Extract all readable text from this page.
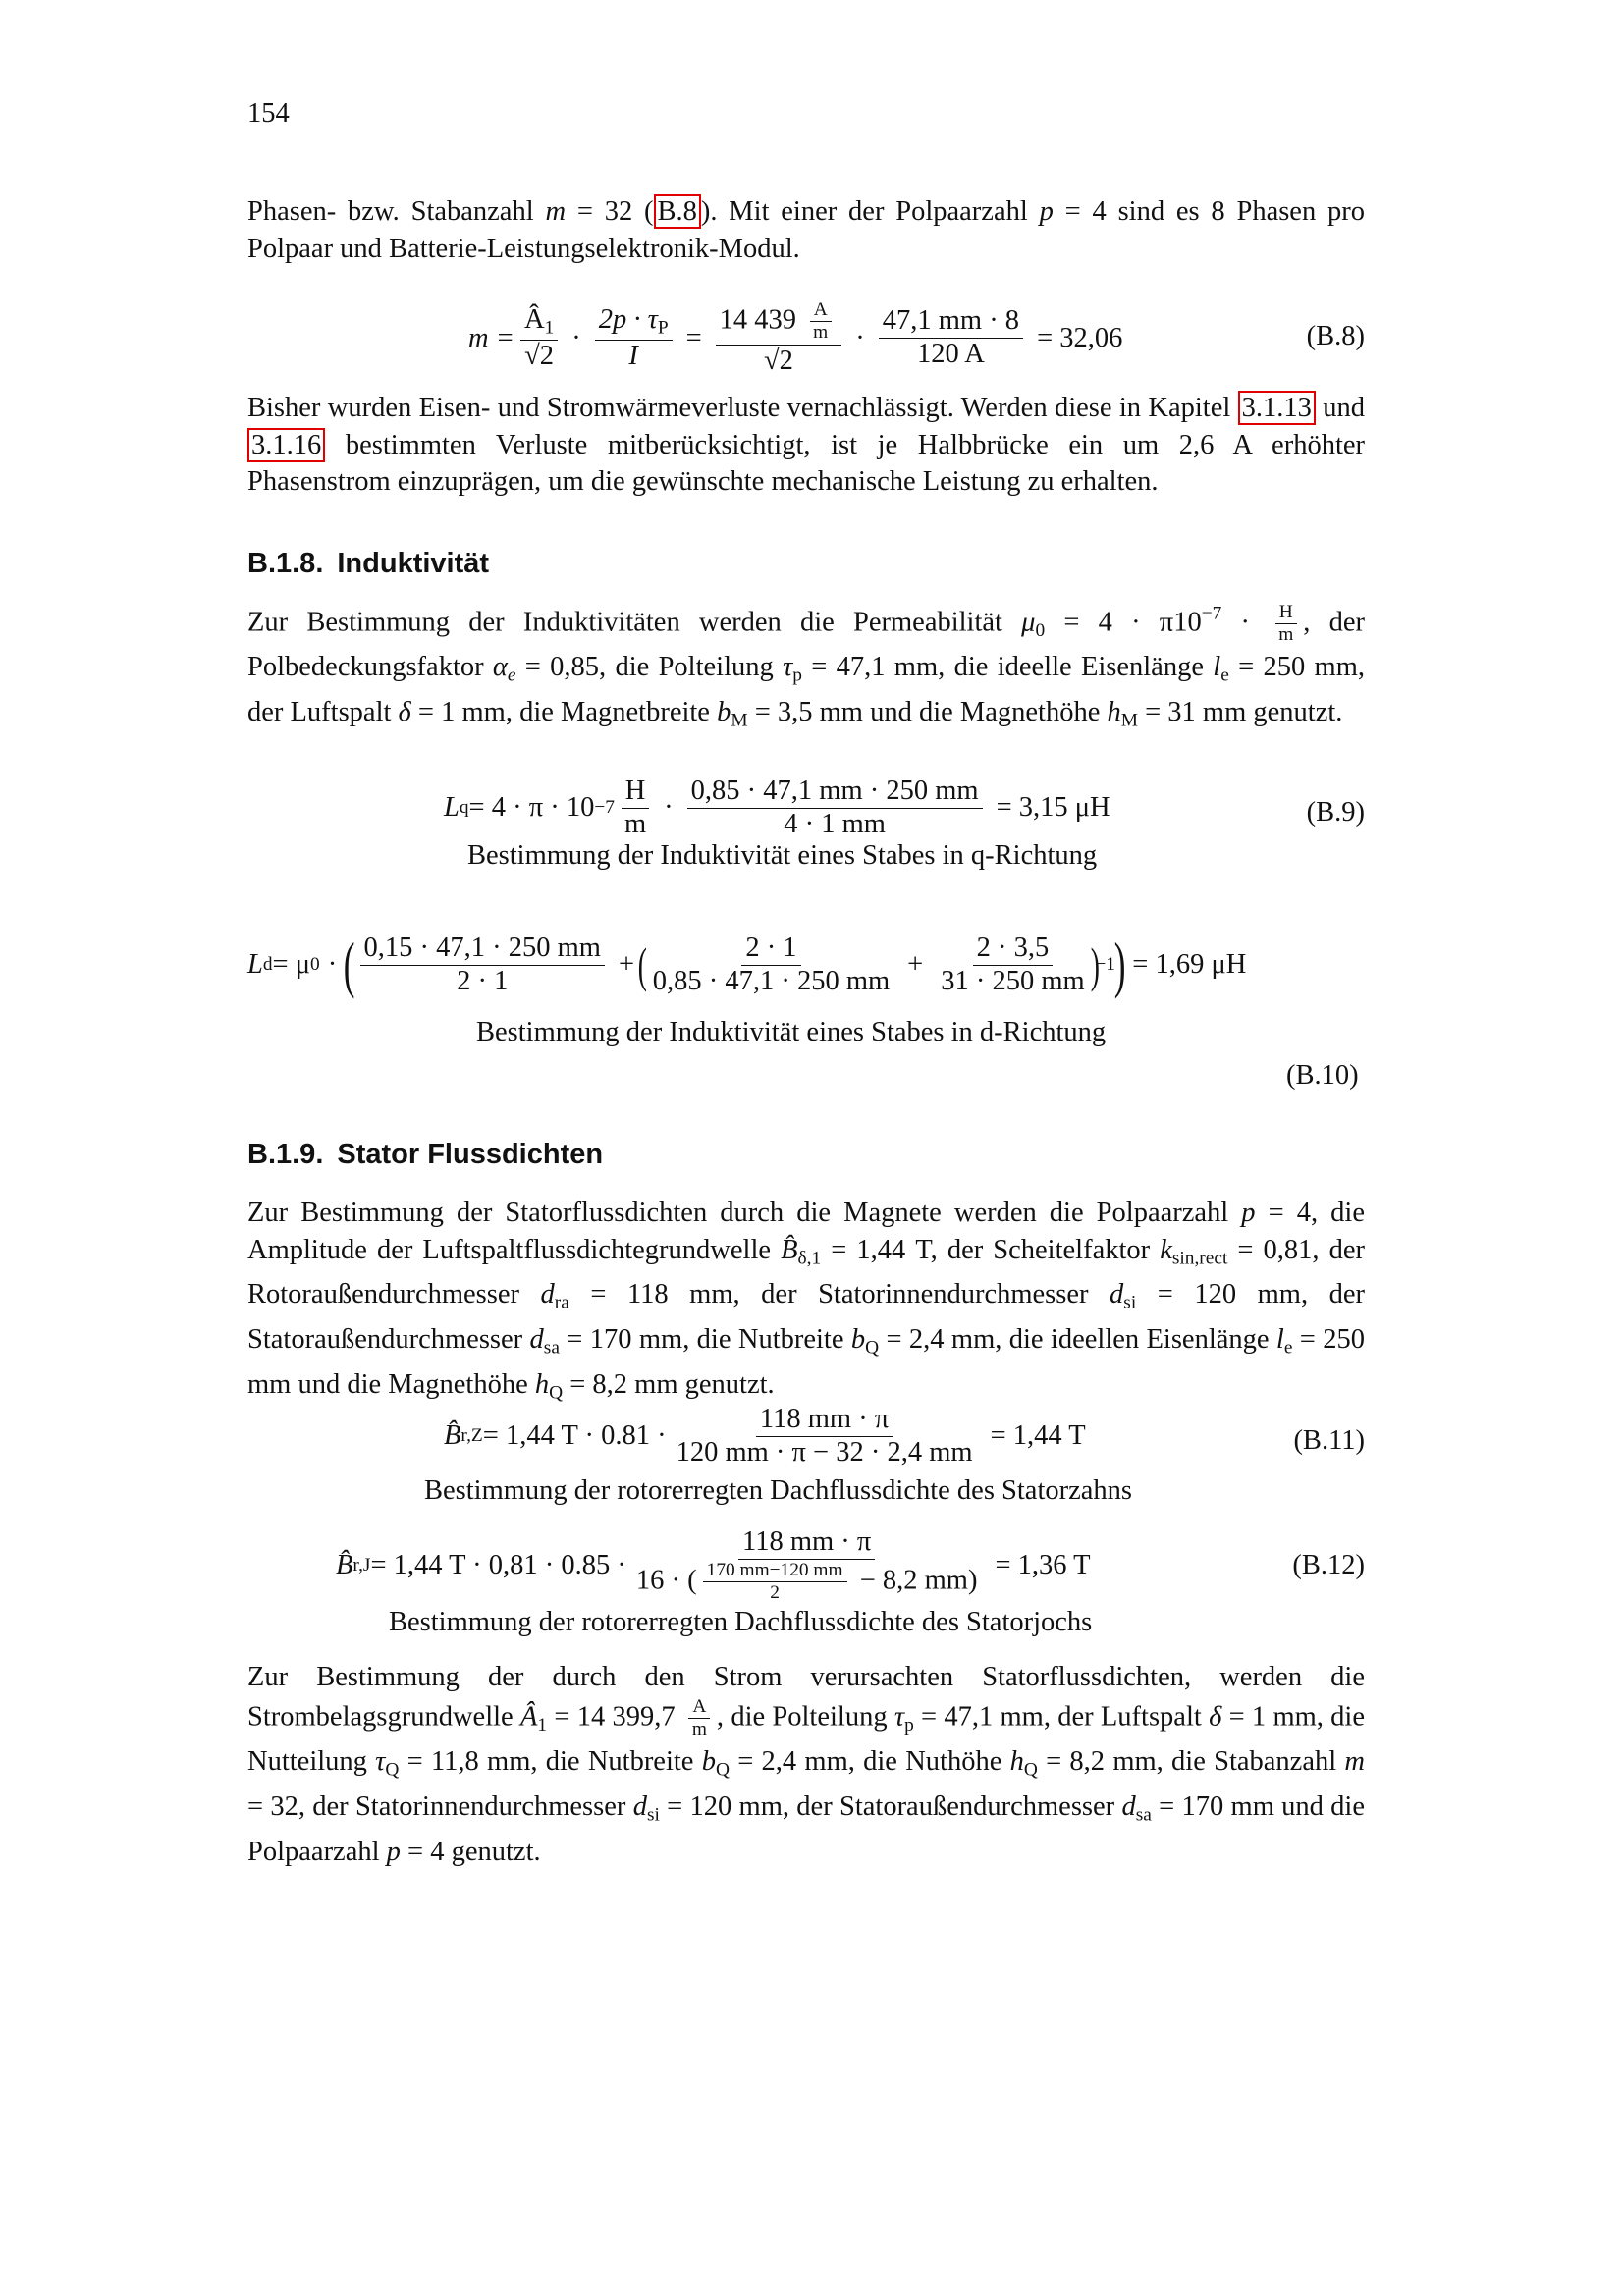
154

Phasen- bzw. Stabanzahl m = 32 ( B.8 ). Mit einer der Polpaarzahl p = 4 sind es 8 Phasen pro Polpaar und Batterie-Leistungselektronik-Modul.

$m = \frac{Â_1}{√2} \cdot \frac{2p \cdot \tau_P}{I} = \frac{14 439 \frac{A}{m}}{√2} \cdot \frac{47,1 mm \cdot 8}{120 A} = 32,06$	(B.8)

Bisher wurden Eisen- und Stromwärmeverluste vernachlässigt. Werden diese in Kapitel 3.1.13 und 3.1.16 bestimmten Verluste mitberücksichtigt, ist je Halbbrücke ein um 2,6 A erhöhter Phasenstrom einzuprägen, um die gewünschte mechanische Leistung zu erhalten.

B.1.8. Induktivität

Zur Bestimmung der Induktivitäten werden die Permeabilität $\mu_0 = 4 \cdot \pi 10^{-7} \cdot \frac{H}{m}$ , der Polbedeckungsfaktor $\alpha_e = 0,85$, die Polteilung $\tau_p = 47,1$ mm, die ideelle Eisenlänge $l_e = 250$ mm, der Luftspalt δ = 1 mm, die Magnetbreite $b_M = 3,5$ mm und die Magnethöhe $h_M = 31$ mm genutzt.

L $q = 4 \cdot \pi \cdot 10 -7 \frac{H}{m} \cdot \frac{0,85 \cdot 47,1 mm \cdot 250 mm}{4 \cdot 1 mm} = 3,15$ μH	(B.9)
Bestimmung der Induktivität eines Stabes in q-Richtung
L d = μ 0 · ( $\frac{0,15 \cdot 47,1 \cdot 250 mm}{2 \cdot 1}$ + ( $\frac{2 \cdot 1}{0,85 \cdot 47,1 \cdot 250 mm} + \frac{2 \cdot 3,5}{31 \cdot 250 mm}$ )
−1
) = 1,69 μH
Bestimmung der Induktivität eines Stabes in d-Richtung
(B.10)
B.1.9. Stator Flussdichten

Zur Bestimmung der Statorflussdichten durch die Magnete werden die Polpaarzahl p = 4, die Amplitude der Luftspaltflussdichtegrundwelle $B̂_{\delta,1} = 1,44$ T, der Scheitelfaktor $k_{sin,rect} = 0,81$, der Rotoraußendurchmesser $d_{ra} = 118$ mm, der Statorinnendurchmesser $d_{si} = 120$ mm, der Statoraußendurchmesser $d_{sa} = 170$ mm, die Nutbreite $b_Q = 2,4$ mm, die ideellen Eisenlänge $l_e = 250$ mm und die Magnethöhe $h_Q = 8,2$ mm genutzt.

B̂ r,Z = 1,44 $T \cdot 0.81 \cdot \frac{118 mm \cdot \pi}{120 mm \cdot \pi - 32 \cdot 2,4 mm} = 1,44$ T	(B.11)
Bestimmung der rotorerregten Dachflussdichte des Statorzahns
B̂ r,J = 1,44 $T \cdot 0,81 \cdot 0.85 \cdot \frac{118 mm \cdot \pi}{16 \cdot ( \frac{170 mm-120 mm}{2} - 8,2 mm)} = 1,36$ T	(B.12)
Bestimmung der rotorerregten Dachflussdichte des Statorjochs

Zur Bestimmung der durch den Strom verursachten Statorflussdichten, werden die Strombelagsgrundwelle $Â_1 = 14$ $399,7 \frac{A}{m}$ , die Polteilung $\tau_p = 47,1$ mm, der Luftspalt δ = 1 mm, die Nutteilung $\tau_Q = 11,8$ mm, die Nutbreite $b_Q = 2,4$ mm, die Nuthöhe $h_Q = 8,2$ mm, die Stabanzahl m = 32, der Statorinnendurchmesser $d_{si} = 120$ mm, der Statoraußendurchmesser $d_{sa} = 170$ mm und die Polpaarzahl p = 4 genutzt.
